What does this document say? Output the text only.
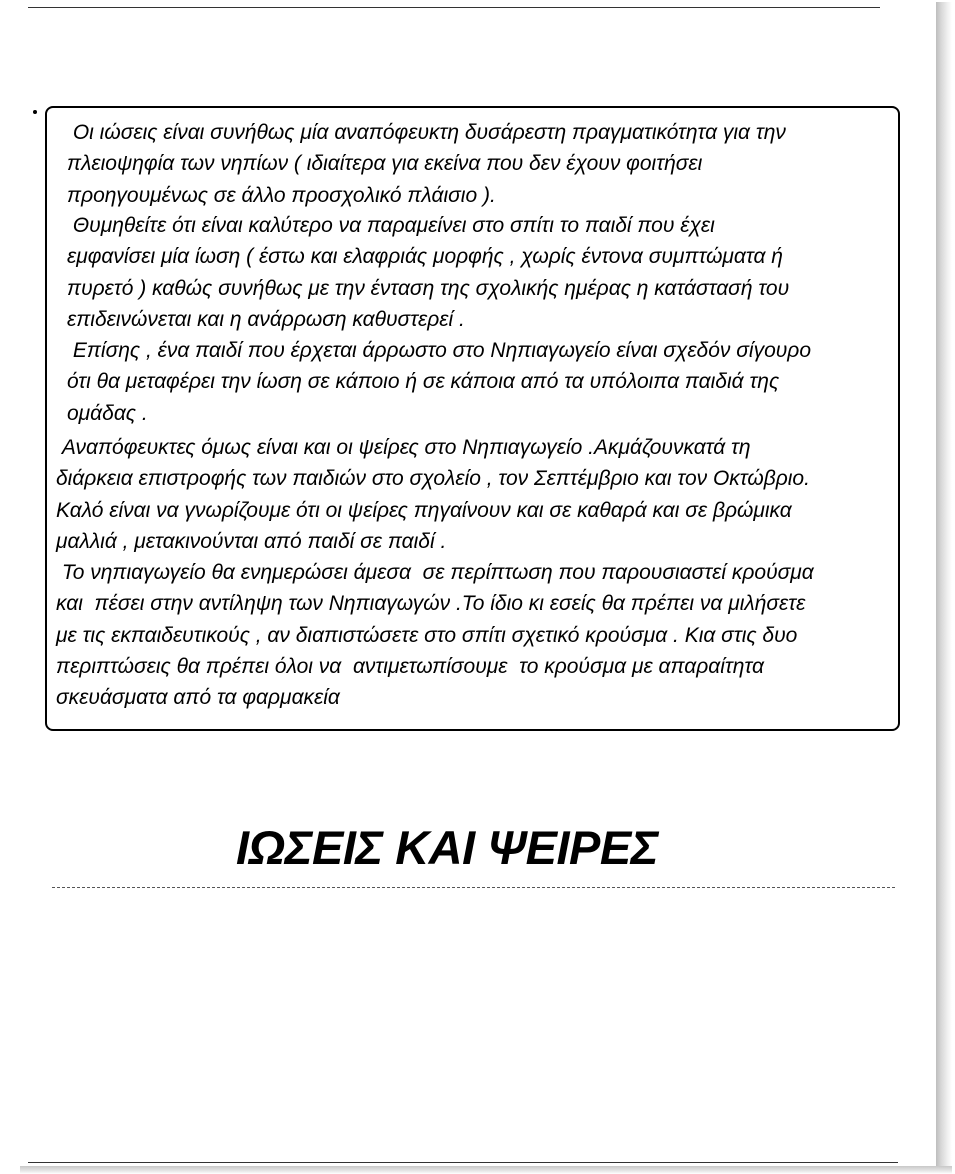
Οι ιώσεις είναι συνήθως μία αναπόφευκτη δυσάρεστη πραγματικότητα για την
πλειοψηφία των νηπίων ( ιδιαίτερα για εκείνα που δεν έχουν φοιτήσει
προηγουμένως σε άλλο προσχολικό πλάισιο ).

Θυμηθείτε ότι είναι καλύτερο να παραμείνει στο σπίτι το παιδί που έχει
εμφανίσει μία ίωση ( έστω και ελαφριάς μορφής , χωρίς έντονα συμπτώματα ή
πυρετό ) καθώς συνήθως με την ένταση της σχολικής ημέρας η κατάστασή του
επιδεινώνεται και η ανάρρωση καθυστερεί .

Επίσης , ένα παιδί που έρχεται άρρωστο στο Νηπιαγωγείο είναι σχεδόν σίγουρο
ότι θα μεταφέρει την ίωση σε κάποιο ή σε κάποια από τα υπόλοιπα παιδιά της
ομάδας .

Αναπόφευκτες όμως είναι και οι ψείρες στο Νηπιαγωγείο .Ακμάζουνκατά τη
διάρκεια επιστροφής των παιδιών στο σχολείο , τον Σεπτέμβριο και τον Οκτώβριο.
Καλό είναι να γνωρίζουμε ότι οι ψείρες πηγαίνουν και σε καθαρά και σε βρώμικα
μαλλιά , μετακινούνται από παιδί σε παιδί .

Το νηπιαγωγείο θα ενημερώσει άμεσα  σε περίπτωση που παρουσιαστεί κρούσμα
και  πέσει στην αντίληψη των Νηπιαγωγών .Το ίδιο κι εσείς θα πρέπει να μιλήσετε
με τις εκπαιδευτικούς , αν διαπιστώσετε στο σπίτι σχετικό κρούσμα . Κια στις δυο
περιπτώσεις θα πρέπει όλοι να  αντιμετωπίσουμε  το κρούσμα με απαραίτητα
σκευάσματα από τα φαρμακεία

ΙΩΣΕΙΣ ΚΑΙ ΨΕΙΡΕΣ
